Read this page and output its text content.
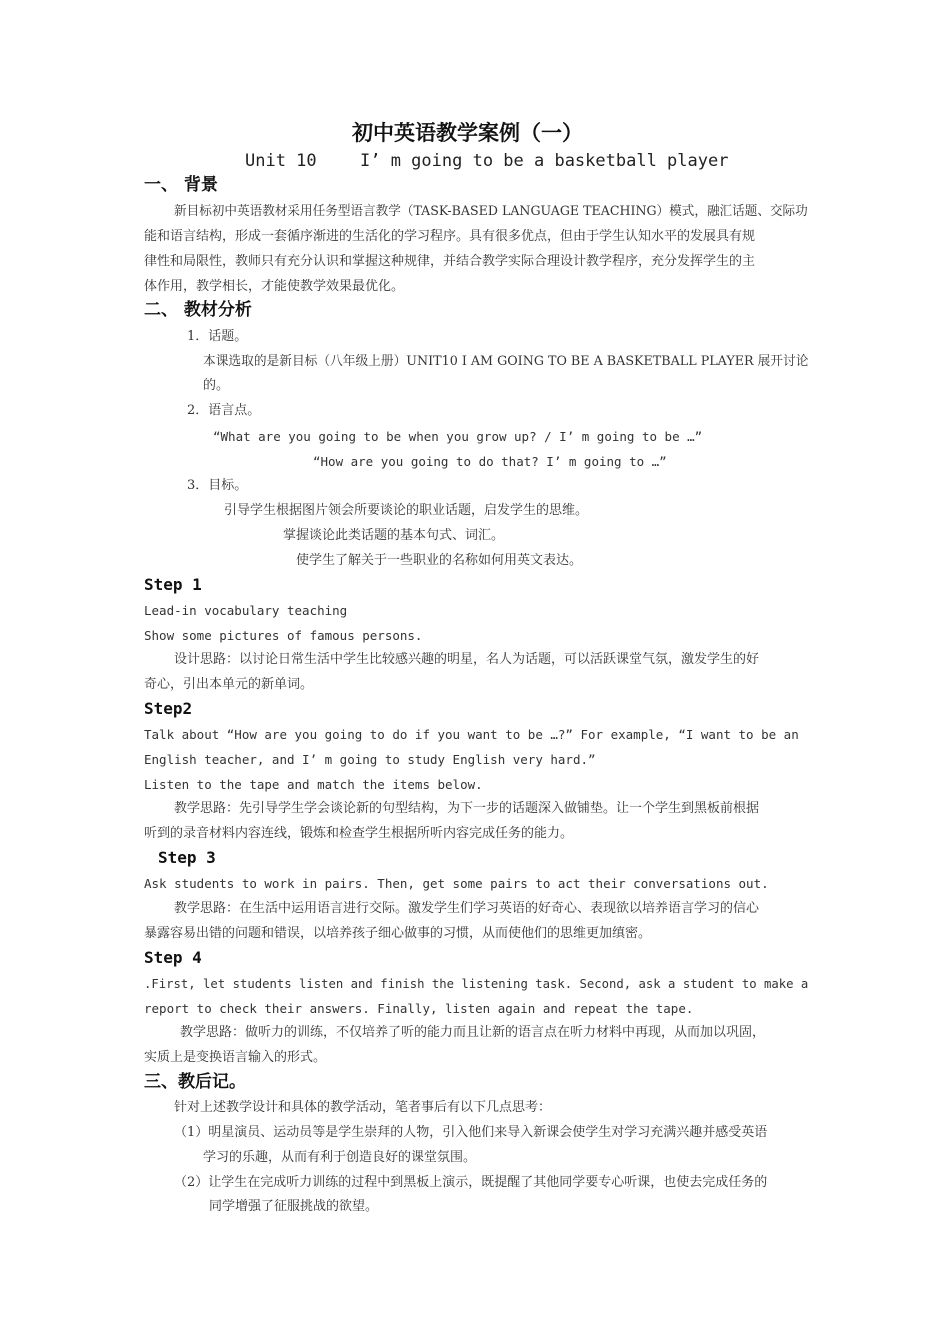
初中英语教学案例（一）
Unit 10	I’ m going to be a basketball player
一、 背景
新目标初中英语教材采用任务型语言教学（TASK-BASED LANGUAGE TEACHING）模式，融汇话题、交际功
能和语言结构，形成一套循序渐进的生活化的学习程序。具有很多优点，但由于学生认知水平的发展具有规
律性和局限性，教师只有充分认识和掌握这种规律，并结合教学实际合理设计教学程序，充分发挥学生的主
体作用，教学相长，才能使教学效果最优化。
二、 教材分析
1．话题。
本课选取的是新目标（八年级上册）UNIT10 I AM GOING TO BE A BASKETBALL PLAYER 展开讨论
的。
2．语言点。
“What are you going to be when you grow up? / I’ m going to be …”
“How are you going to do that? I’ m going to …”
3．目标。
引导学生根据图片领会所要谈论的职业话题，启发学生的思维。
掌握谈论此类话题的基本句式、词汇。
使学生了解关于一些职业的名称如何用英文表达。
Step 1
Lead-in vocabulary teaching
Show some pictures of famous persons.
设计思路：以讨论日常生活中学生比较感兴趣的明星，名人为话题，可以活跃课堂气氛，激发学生的好
奇心，引出本单元的新单词。
Step2
Talk about “How are you going to do if you want to be …?” For example, “I want to be an
English teacher, and I’ m going to study English very hard.”
Listen to the tape and match the items below.
教学思路：先引导学生学会谈论新的句型结构，为下一步的话题深入做铺垫。让一个学生到黑板前根据
听到的录音材料内容连线，锻炼和检查学生根据所听内容完成任务的能力。
Step 3
Ask students to work in pairs. Then, get some pairs to act their conversations out.
教学思路：在生活中运用语言进行交际。激发学生们学习英语的好奇心、表现欲以培养语言学习的信心
暴露容易出错的问题和错误，以培养孩子细心做事的习惯，从而使他们的思维更加缜密。
Step 4
.First, let students listen and finish the listening task. Second, ask a student to make a
report to check their answers. Finally, listen again and repeat the tape.
教学思路：做听力的训练，不仅培养了听的能力而且让新的语言点在听力材料中再现，从而加以巩固，
实质上是变换语言输入的形式。
三、教后记。
针对上述教学设计和具体的教学活动，笔者事后有以下几点思考：
（1）明星演员、运动员等是学生崇拜的人物，引入他们来导入新课会使学生对学习充满兴趣并感受英语
学习的乐趣，从而有利于创造良好的课堂氛围。
（2）让学生在完成听力训练的过程中到黑板上演示，既提醒了其他同学要专心听课，也使去完成任务的
同学增强了征服挑战的欲望。
